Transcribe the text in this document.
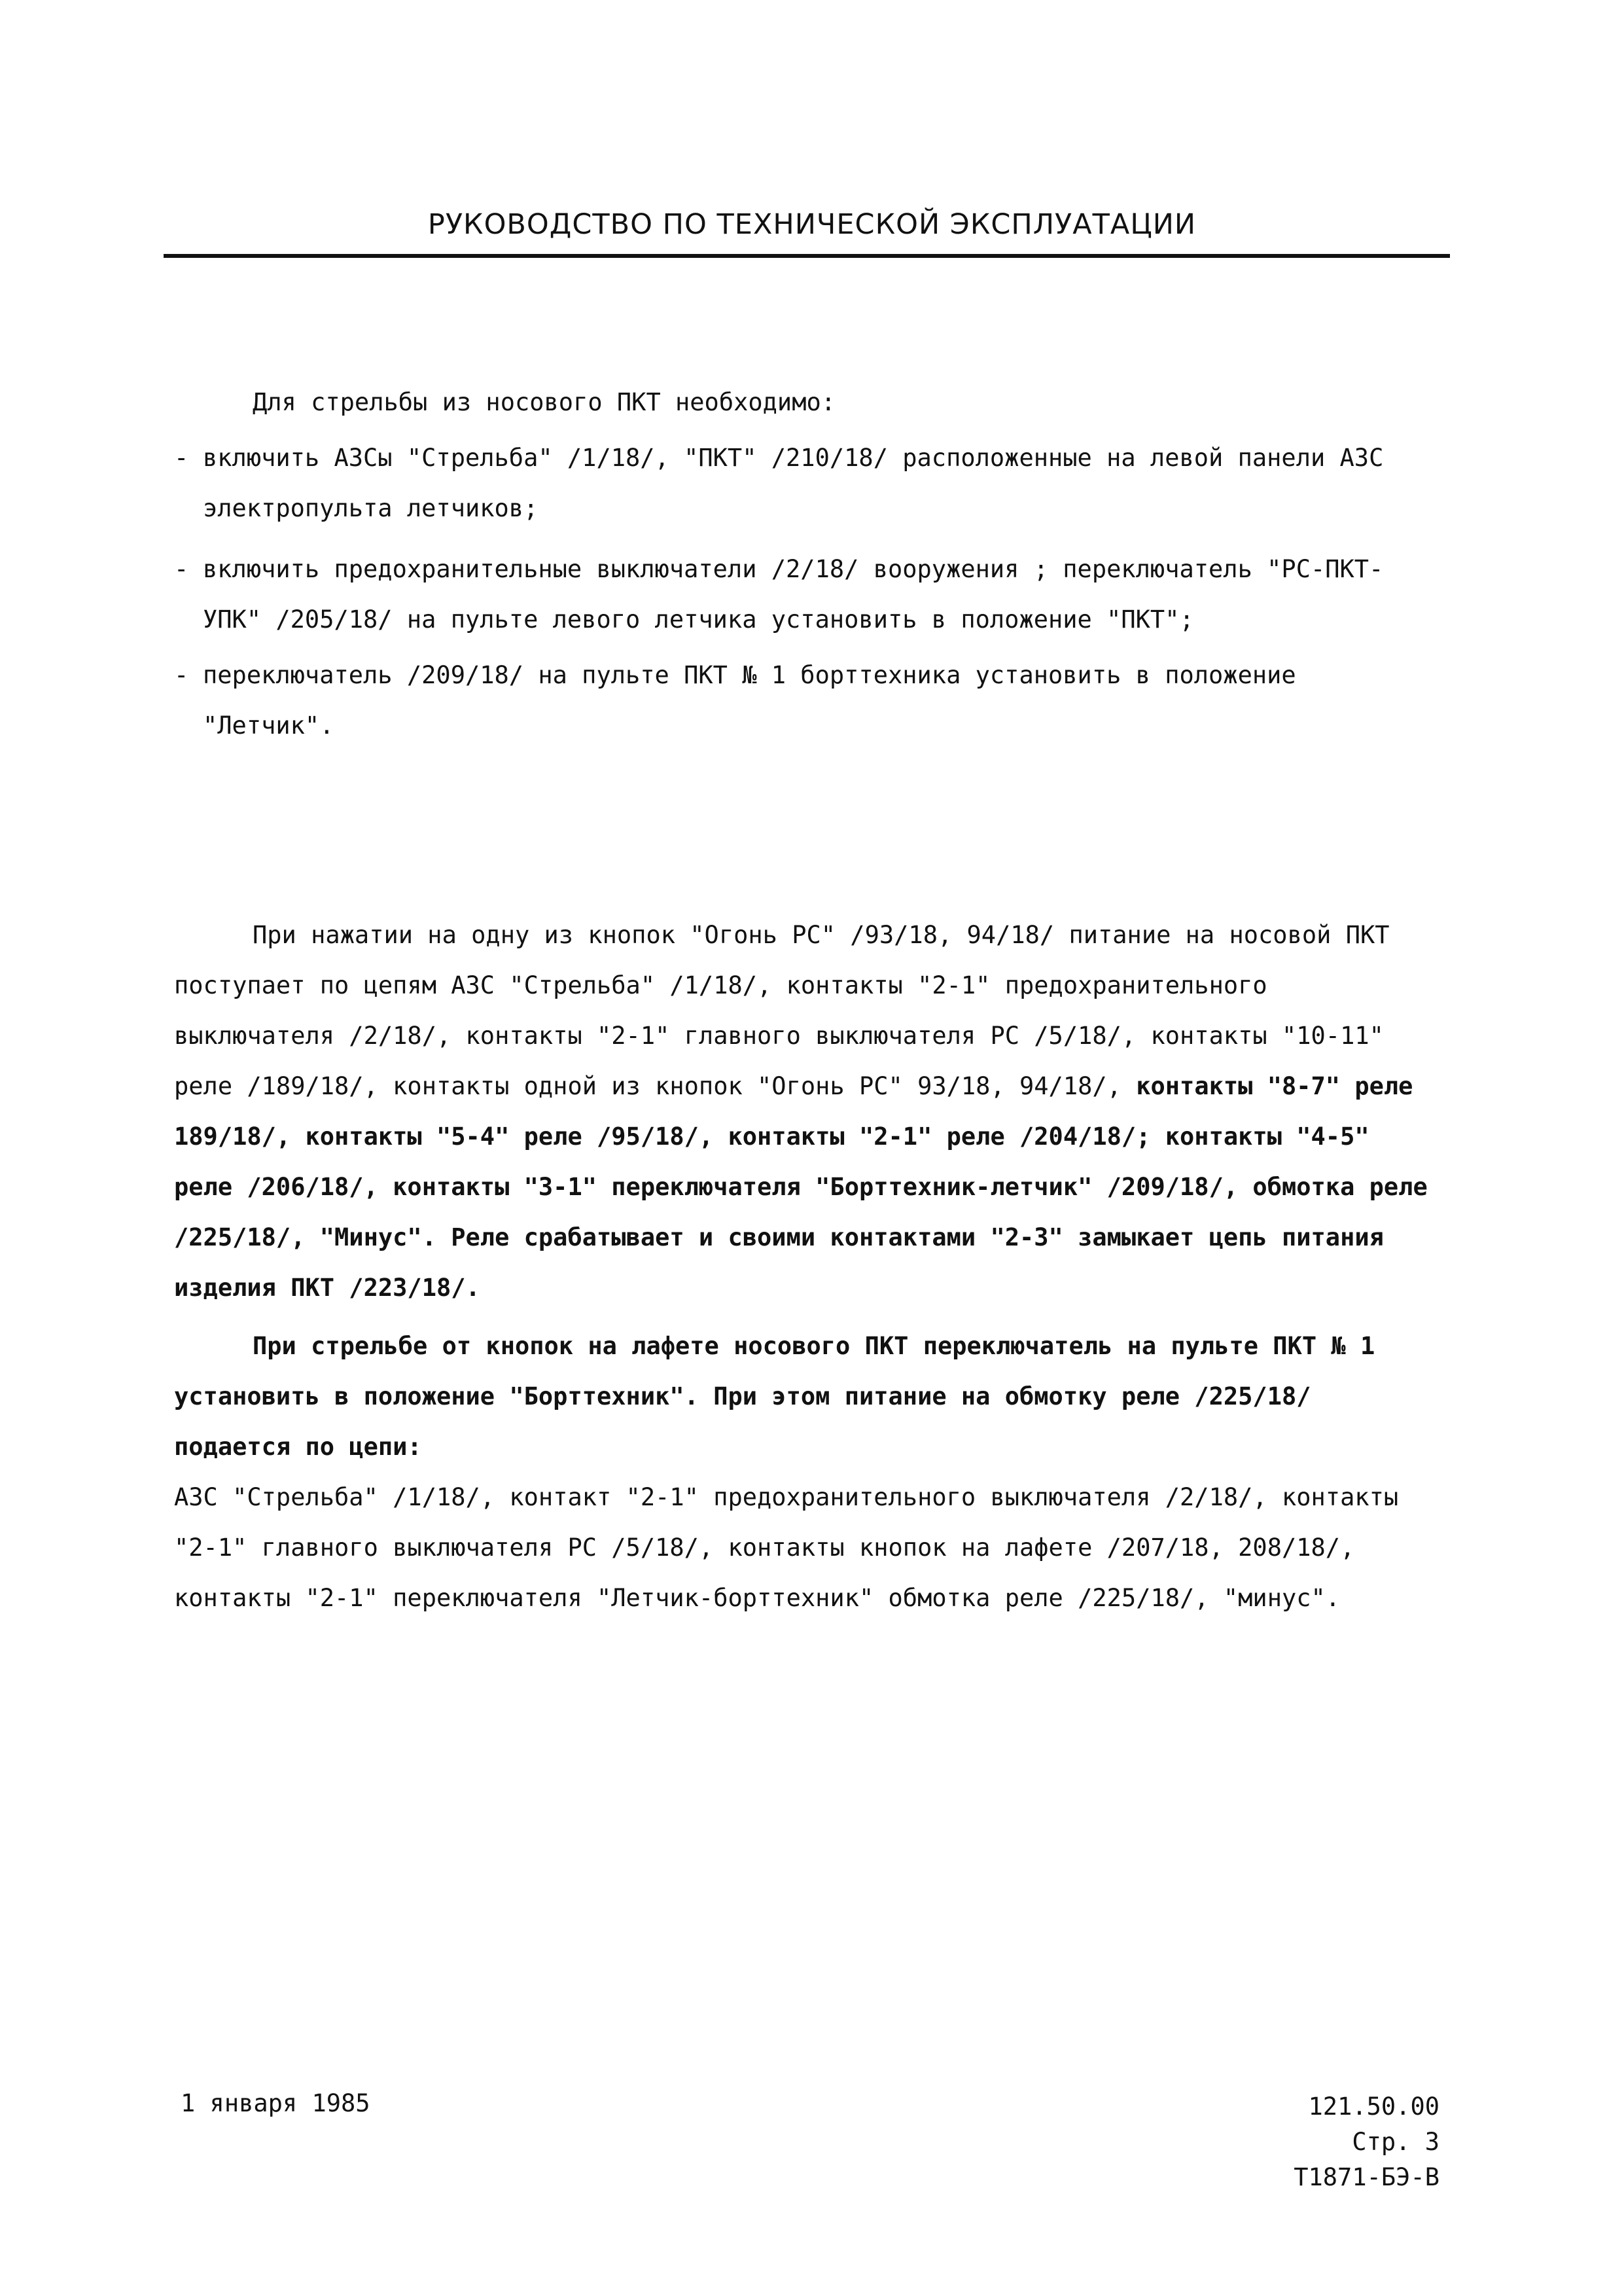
РУКОВОДСТВО ПО ТЕХНИЧЕСКОЙ ЭКСПЛУАТАЦИИ

Для стрельбы из носового ПКТ необходимо:

- включить АЗСы "Стрельба" /1/18/, "ПКТ" /210/18/ расположенные на левой панели АЗС электропульта летчиков;
- включить предохранительные выключатели /2/18/ вооружения ; переключатель "РС-ПКТ-УПК" /205/18/ на пульте левого летчика установить в положение "ПКТ";
- переключатель /209/18/ на пульте ПКТ № 1 борттехника установить в положение "Летчик".

При нажатии на одну из кнопок "Огонь РС" /93/18, 94/18/ питание на носовой ПКТ поступает по цепям АЗС "Стрельба" /1/18/, контакты "2-1" предохранительного выключателя /2/18/, контакты "2-1" главного выключателя РС /5/18/, контакты "10-11" реле /189/18/, контакты одной из кнопок "Огонь РС" 93/18, 94/18/, контакты "8-7" реле 189/18/, контакты "5-4" реле /95/18/, контакты "2-1" реле /204/18/; контакты "4-5" реле /206/18/, контакты "3-1" переключателя "Борттехник-летчик" /209/18/, обмотка реле /225/18/, "Минус". Реле срабатывает и своими контактами "2-3" замыкает цепь питания изделия ПКТ /223/18/.

При стрельбе от кнопок на лафете носового ПКТ переключатель на пульте ПКТ № 1 установить в положение "Борттехник". При этом питание на обмотку реле /225/18/ подается по цепи:

АЗС "Стрельба" /1/18/, контакт "2-1" предохранительного выключателя /2/18/, контакты "2-1" главного выключателя РС /5/18/, контакты кнопок на лафете /207/18, 208/18/, контакты "2-1" переключателя "Летчик-борттехник" обмотка реле /225/18/, "минус".

1 января 1985	121.50.00
Стр. 3
Т1871-БЭ-В
